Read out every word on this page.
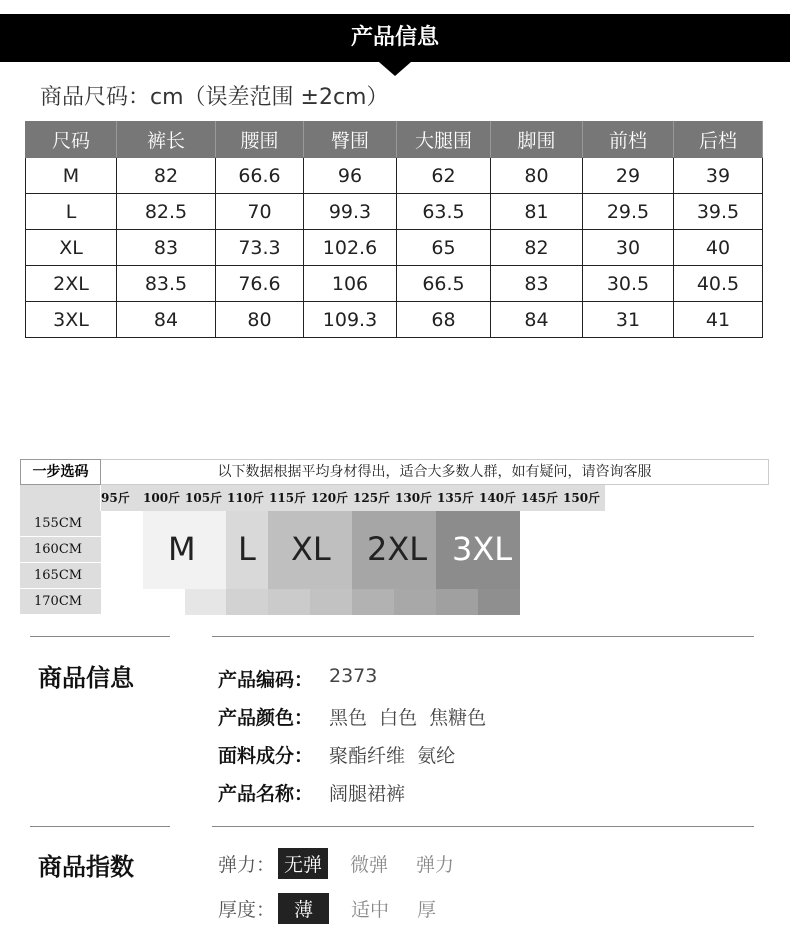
产品信息
商品尺码：cm（误差范围 ±2cm）
尺码	裤长	腰围	臀围	大腿围	脚围	前档	后档
M	82	66.6	96	62	80	29	39
L	82.5	70	99.3	63.5	81	29.5	39.5
XL	83	73.3	102.6	65	82	30	40
2XL	83.5	76.6	106	66.5	83	30.5	40.5
3XL	84	80	109.3	68	84	31	41
一步选码	以下数据根据平均身材得出，适合大多数人群，如有疑问，请咨询客服
95斤	100斤 105斤 110斤 115斤 120斤 125斤 130斤 135斤 140斤 145斤 150斤
155CM
160CM
165CM
170CM
M L XL 2XL 3XL
商品信息	产品编码： 2373
产品颜色： 黑色  白色  焦糖色
面料成分： 聚酯纤维  氨纶
产品名称： 阔腿裙裤
商品指数	弹力： 无弹	微弹	弹力
厚度： 薄	适中	厚
